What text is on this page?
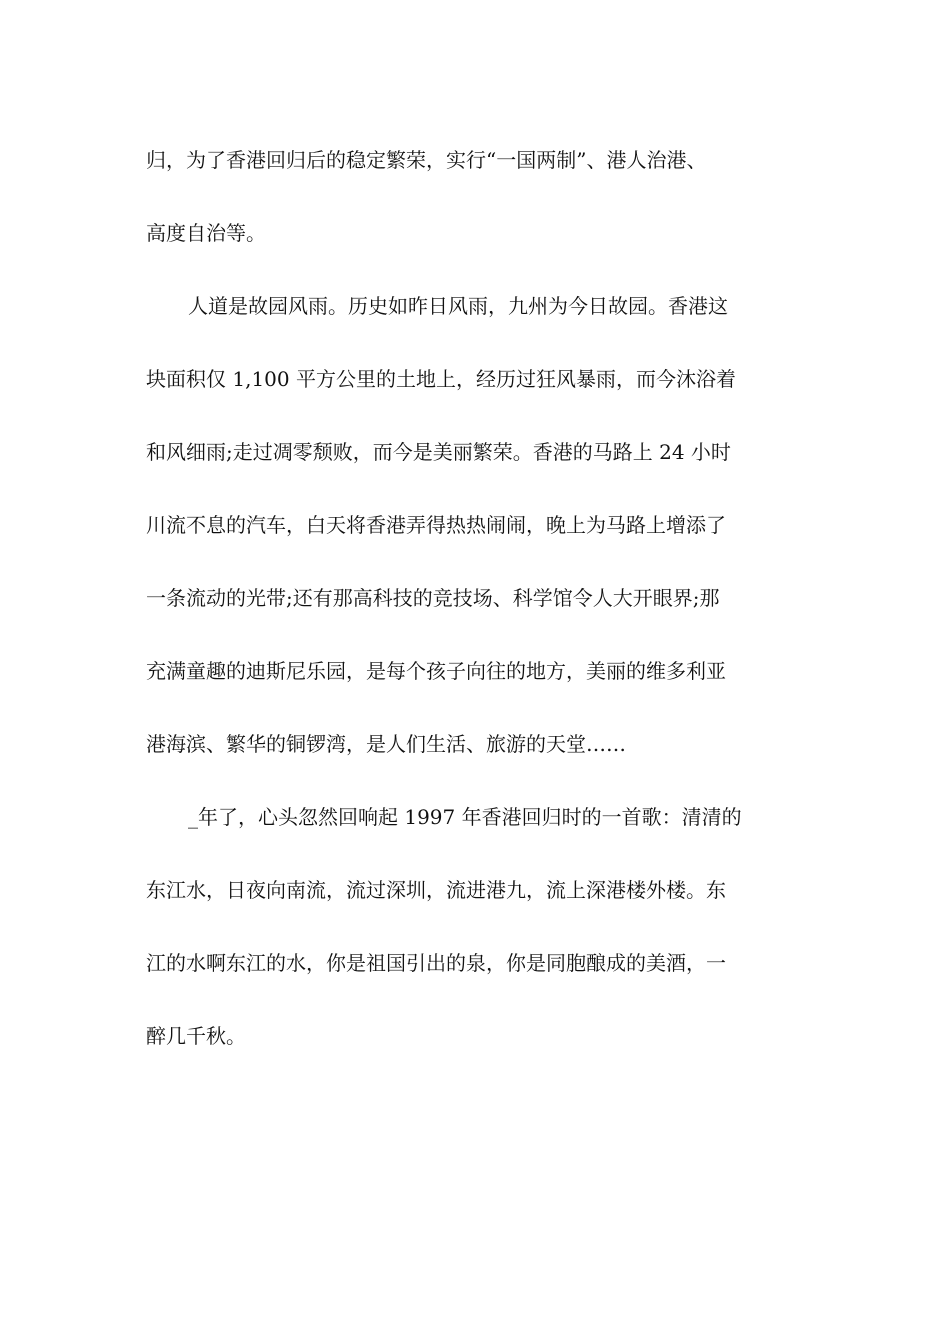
归，为了香港回归后的稳定繁荣，实行“一国两制”、港人治港、
高度自治等。
人道是故园风雨。历史如昨日风雨，九州为今日故园。香港这
块面积仅 1,100 平方公里的土地上，经历过狂风暴雨，而今沐浴着
和风细雨;走过凋零颓败，而今是美丽繁荣。香港的马路上 24 小时
川流不息的汽车，白天将香港弄得热热闹闹，晚上为马路上增添了
一条流动的光带;还有那高科技的竞技场、科学馆令人大开眼界;那
充满童趣的迪斯尼乐园，是每个孩子向往的地方，美丽的维多利亚
港海滨、繁华的铜锣湾，是人们生活、旅游的天堂……
_年了，心头忽然回响起 1997 年香港回归时的一首歌：清清的
东江水，日夜向南流，流过深圳，流进港九，流上深港楼外楼。东
江的水啊东江的水，你是祖国引出的泉，你是同胞酿成的美酒，一
醉几千秋。
